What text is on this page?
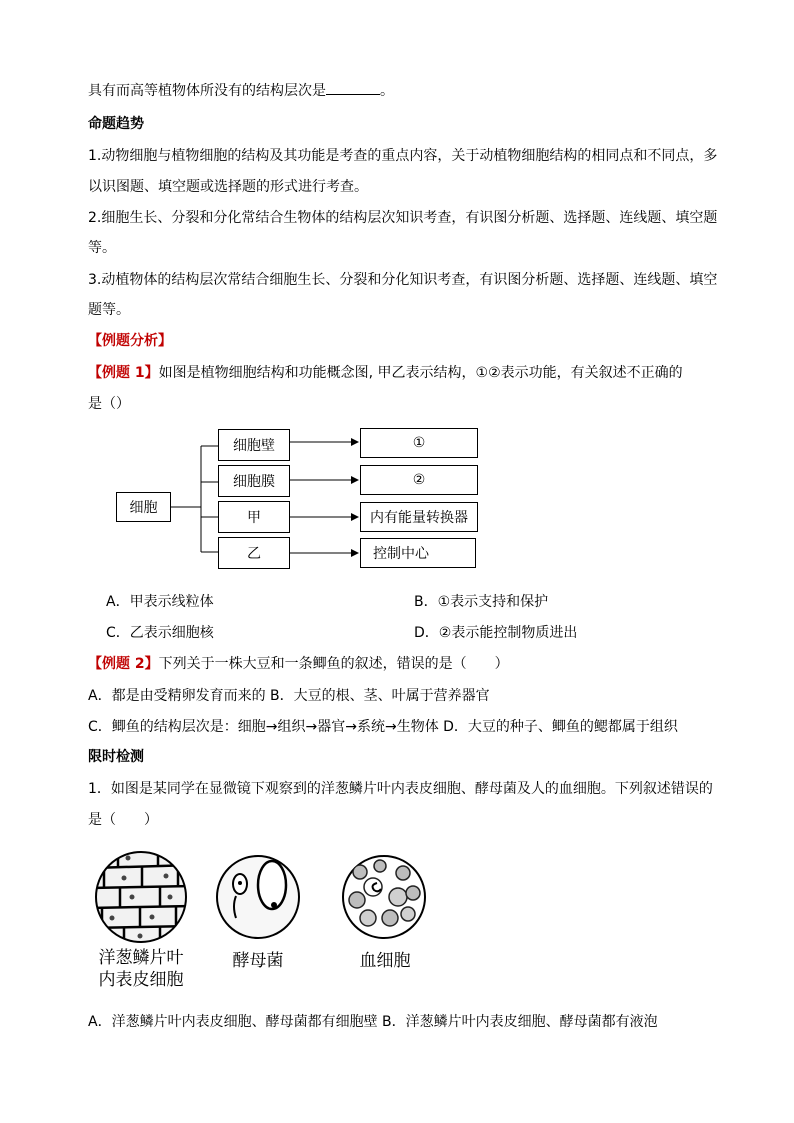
具有而高等植物体所没有的结构层次是	。
命题趋势
1.动物细胞与植物细胞的结构及其功能是考查的重点内容，关于动植物细胞结构的相同点和不同点，多
以识图题、填空题或选择题的形式进行考查。
2.细胞生长、分裂和分化常结合生物体的结构层次知识考查，有识图分析题、选择题、连线题、填空题
等。
3.动植物体的结构层次常结合细胞生长、分裂和分化知识考查，有识图分析题、选择题、连线题、填空
题等。
【例题分析】
【例题 1】如图是植物细胞结构和功能概念图, 甲乙表示结构，①②表示功能，有关叙述不正确的
是（）
细胞
细胞壁
细胞膜
甲
乙
①
②
内有能量转换器
控制中心
A．甲表示线粒体	B．①表示支持和保护
C．乙表示细胞核	D．②表示能控制物质进出
【例题 2】下列关于一株大豆和一条鲫鱼的叙述，错误的是（　　）
A．都是由受精卵发育而来的 B．大豆的根、茎、叶属于营养器官
C．鲫鱼的结构层次是：细胞→组织→器官→系统→生物体 D．大豆的种子、鲫鱼的鳃都属于组织
限时检测
1．如图是某同学在显微镜下观察到的洋葱鳞片叶内表皮细胞、酵母菌及人的血细胞。下列叙述错误的
是（　　）
洋葱鳞片叶
内表皮细胞
酵母菌	血细胞
A．洋葱鳞片叶内表皮细胞、酵母菌都有细胞壁 B．洋葱鳞片叶内表皮细胞、酵母菌都有液泡
